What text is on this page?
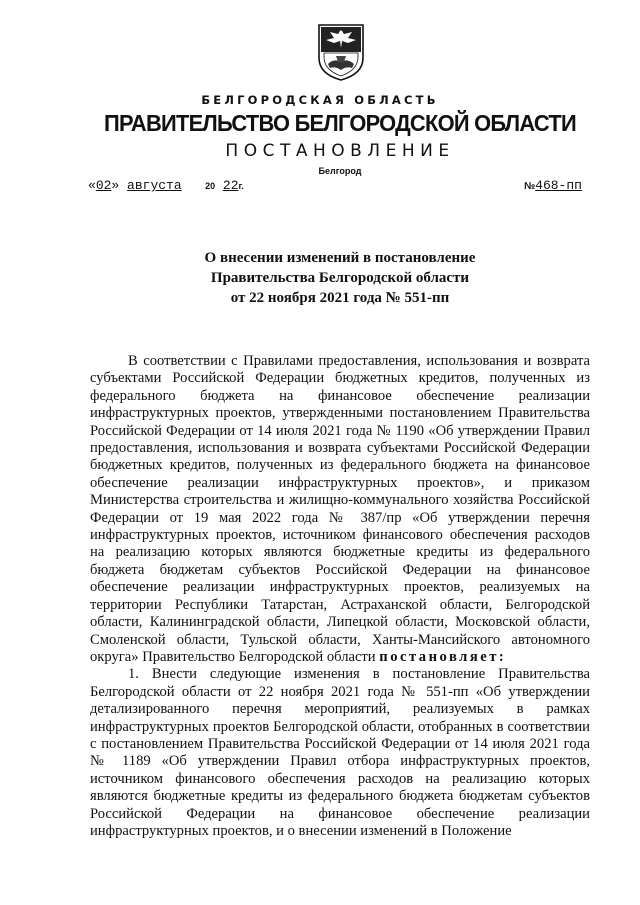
БЕЛГОРОДСКАЯ ОБЛАСТЬ
ПРАВИТЕЛЬСТВО БЕЛГОРОДСКОЙ ОБЛАСТИ
ПОСТАНОВЛЕНИЕ
Белгород
«02» августа	20 22г.	№468-пп
О внесении изменений в постановление
Правительства Белгородской области
от 22 ноября 2021 года № 551-пп

В соответствии с Правилами предоставления, использования и возврата субъектами Российской Федерации бюджетных кредитов, полученных из федерального бюджета на финансовое обеспечение реализации инфраструктурных проектов, утвержденными постановлением Правительства Российской Федерации от 14 июля 2021 года № 1190 «Об утверждении Правил предоставления, использования и возврата субъектами Российской Федерации бюджетных кредитов, полученных из федерального бюджета на финансовое обеспечение реализации инфраструктурных проектов», и приказом Министерства строительства и жилищно-коммунального хозяйства Российской Федерации от 19 мая 2022 года № 387/пр «Об утверждении перечня инфраструктурных проектов, источником финансового обеспечения расходов на реализацию которых являются бюджетные кредиты из федерального бюджета бюджетам субъектов Российской Федерации на финансовое обеспечение реализации инфраструктурных проектов, реализуемых на территории Республики Татарстан, Астраханской области, Белгородской области, Калининградской области, Липецкой области, Московской области, Смоленской области, Тульской области, Ханты-Мансийского автономного округа» Правительство Белгородской области постановляет:

1. Внести следующие изменения в постановление Правительства Белгородской области от 22 ноября 2021 года № 551-пп «Об утверждении детализированного перечня мероприятий, реализуемых в рамках инфраструктурных проектов Белгородской области, отобранных в соответствии с постановлением Правительства Российской Федерации от 14 июля 2021 года № 1189 «Об утверждении Правил отбора инфраструктурных проектов, источником финансового обеспечения расходов на реализацию которых являются бюджетные кредиты из федерального бюджета бюджетам субъектов Российской Федерации на финансовое обеспечение реализации инфраструктурных проектов, и о внесении изменений в Положение
